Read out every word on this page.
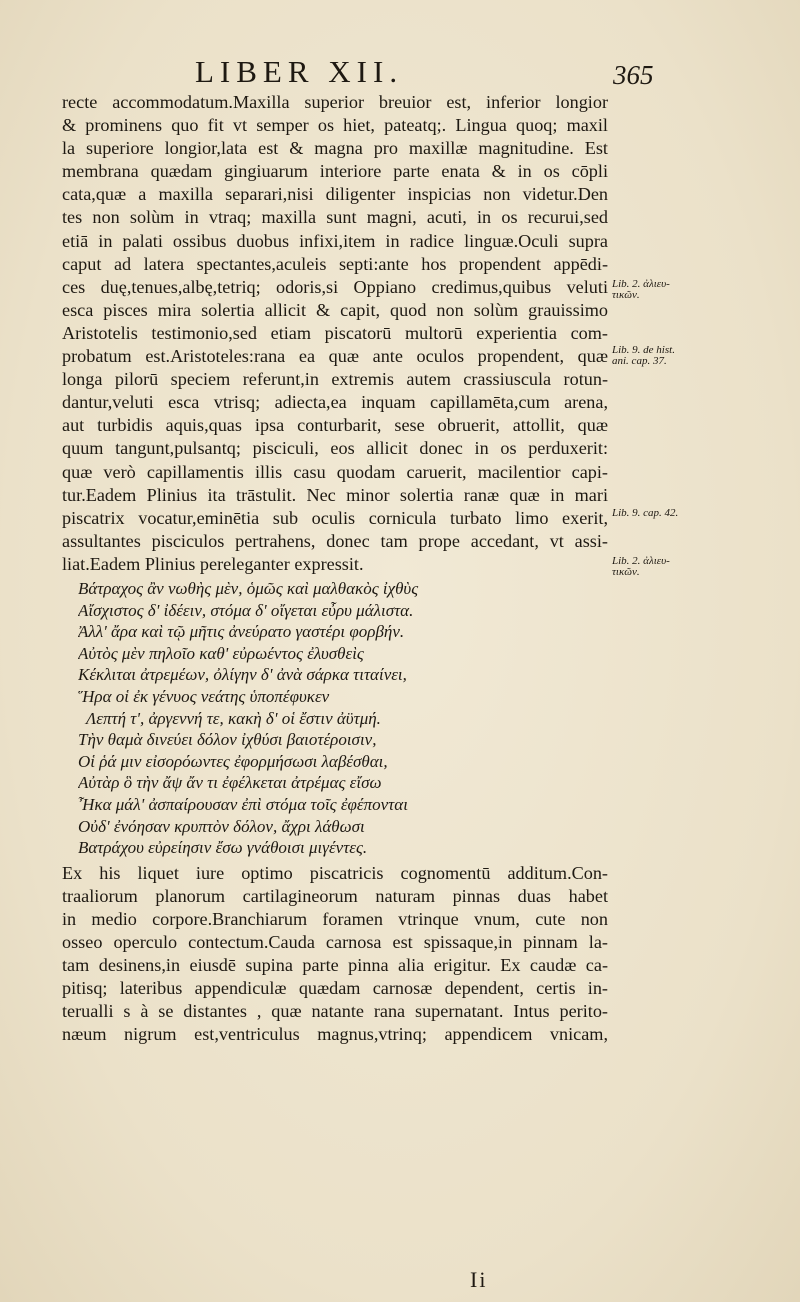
LIBER XII.	365
recte accommodatum.Maxilla superior breuior est, inferior longior
& prominens quo fit vt semper os hiet, pateatq;. Lingua quoq; maxil
la superiore longior,lata est & magna pro maxillæ magnitudine. Est
membrana quædam gingiuarum interiore parte enata & in os cōpli
cata,quæ a maxilla separari,nisi diligenter inspicias non videtur.Den
tes non solùm in vtraq; maxilla sunt magni, acuti, in os recurui,sed
etiā in palati ossibus duobus infixi,item in radice linguæ.Oculi supra
caput ad latera spectantes,aculeis septi:ante hos propendent appēdi-
ces duę,tenues,albę,tetriq; odoris,si Oppiano credimus,quibus veluti
esca pisces mira solertia allicit & capit, quod non solùm grauissimo
Aristotelis testimonio,sed etiam piscatorū multorū experientia com-
probatum est.Aristoteles:rana ea quæ ante oculos propendent, quæ
longa pilorū speciem referunt,in extremis autem crassiuscula rotun-
dantur,veluti esca vtrisq; adiecta,ea inquam capillamēta,cum arena,
aut turbidis aquis,quas ipsa conturbarit, sese obruerit, attollit, quæ
quum tangunt,pulsantq; pisciculi, eos allicit donec in os perduxerit:
quæ verò capillamentis illis casu quodam caruerit, macilentior capi-
tur.Eadem Plinius ita trāstulit. Nec minor solertia ranæ quæ in mari
piscatrix vocatur,eminētia sub oculis cornicula turbato limo exerit,
assultantes pisciculos pertrahens, donec tam prope accedant, vt assi-
liat.Eadem Plinius pereleganter expressit.
Βάτραχος ἂν νωθὴς μὲν, ὁμῶς καὶ μαλθακὸς ἰχθὺς
Αἴσχιστος δ' ἰδέειν, στόμα δ' οἴγεται εὖρυ μάλιστα.
Ἀλλ' ἄρα καὶ τῷ μῆτις ἀνεύρατο γαστέρι φορβήν.
Αὐτὸς μὲν πηλοῖο καθ' εὐρωέντος ἐλυσθεὶς
Κέκλιται ἀτρεμέων, ὀλίγην δ' ἀνὰ σάρκα τιταίνει,
Ἥρα οἱ ἐκ γένυος νεάτης ὑποπέφυκεν
Λεπτή τ', ἀργεννή τε, κακὴ δ' οἱ ἔστιν ἀϋτμή.
Τὴν θαμὰ δινεύει δόλον ἰχθύσι βαιοτέροισιν,
Οἱ ῥά μιν εἰσορόωντες ἐφορμήσωσι λαβέσθαι,
Αὐτὰρ ὃ τὴν ἄψ ἄν τι ἐφέλκεται ἀτρέμας εἴσω
Ἦκα μάλ' ἀσπαίρουσαν ἐπὶ στόμα τοῖς ἐφέπονται
Οὐδ' ἐνόησαν κρυπτὸν δόλον, ἄχρι λάθωσι
Βατράχου εὐρείησιν ἔσω γνάθοισι μιγέντες.
Ex his liquet iure optimo piscatricis cognomentū additum.Con-
traaliorum planorum cartilagineorum naturam pinnas duas habet
in medio corpore.Branchiarum foramen vtrinque vnum, cute non
osseo operculo contectum.Cauda carnosa est spissaque,in pinnam la-
tam desinens,in eiusdē supina parte pinna alia erigitur. Ex caudæ ca-
pitisq; lateribus appendiculæ quædam carnosæ dependent, certis in-
terualli s à se distantes , quæ natante rana supernatant. Intus perito-
næum nigrum est,ventriculus magnus,vtrinq; appendicem vnicam,
Lib. 2. ἀλιευ-
τικῶν.
Lib. 9. de hist.
ani. cap. 37.
Lib. 9. cap. 42.
Lib. 2. ἀλιευ-
τικῶν.
Ii
